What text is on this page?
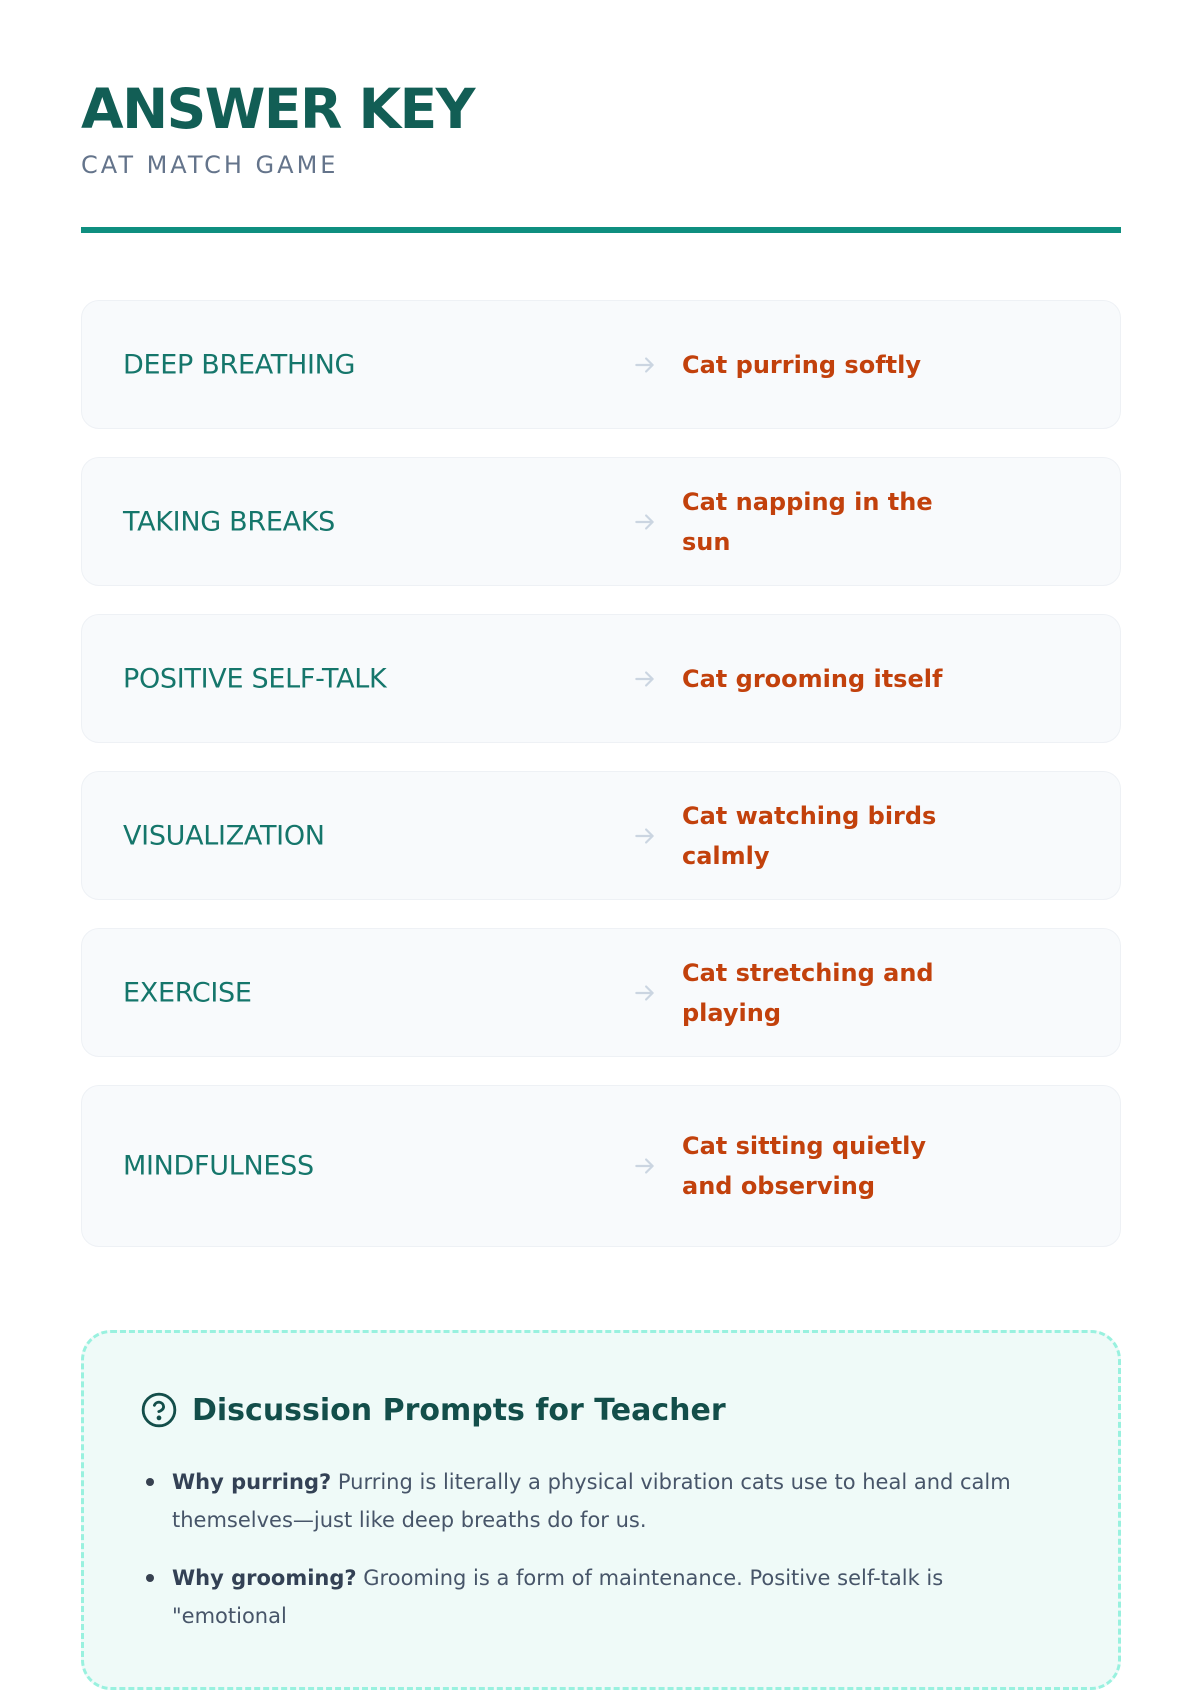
ANSWER KEY
CAT MATCH GAME
DEEP BREATHING	Cat purring softly
TAKING BREAKS
Cat napping in the sun
POSITIVE SELF-TALK	Cat grooming itself
VISUALIZATION
Cat watching birds calmly
EXERCISE
Cat stretching and playing
MINDFULNESS
Cat sitting quietly and observing
Discussion Prompts for Teacher
Why purring? Purring is literally a physical vibration cats use to heal and calm themselves—just like deep breaths do for us.
Why grooming? Grooming is a form of maintenance. Positive self-talk is "emotional
